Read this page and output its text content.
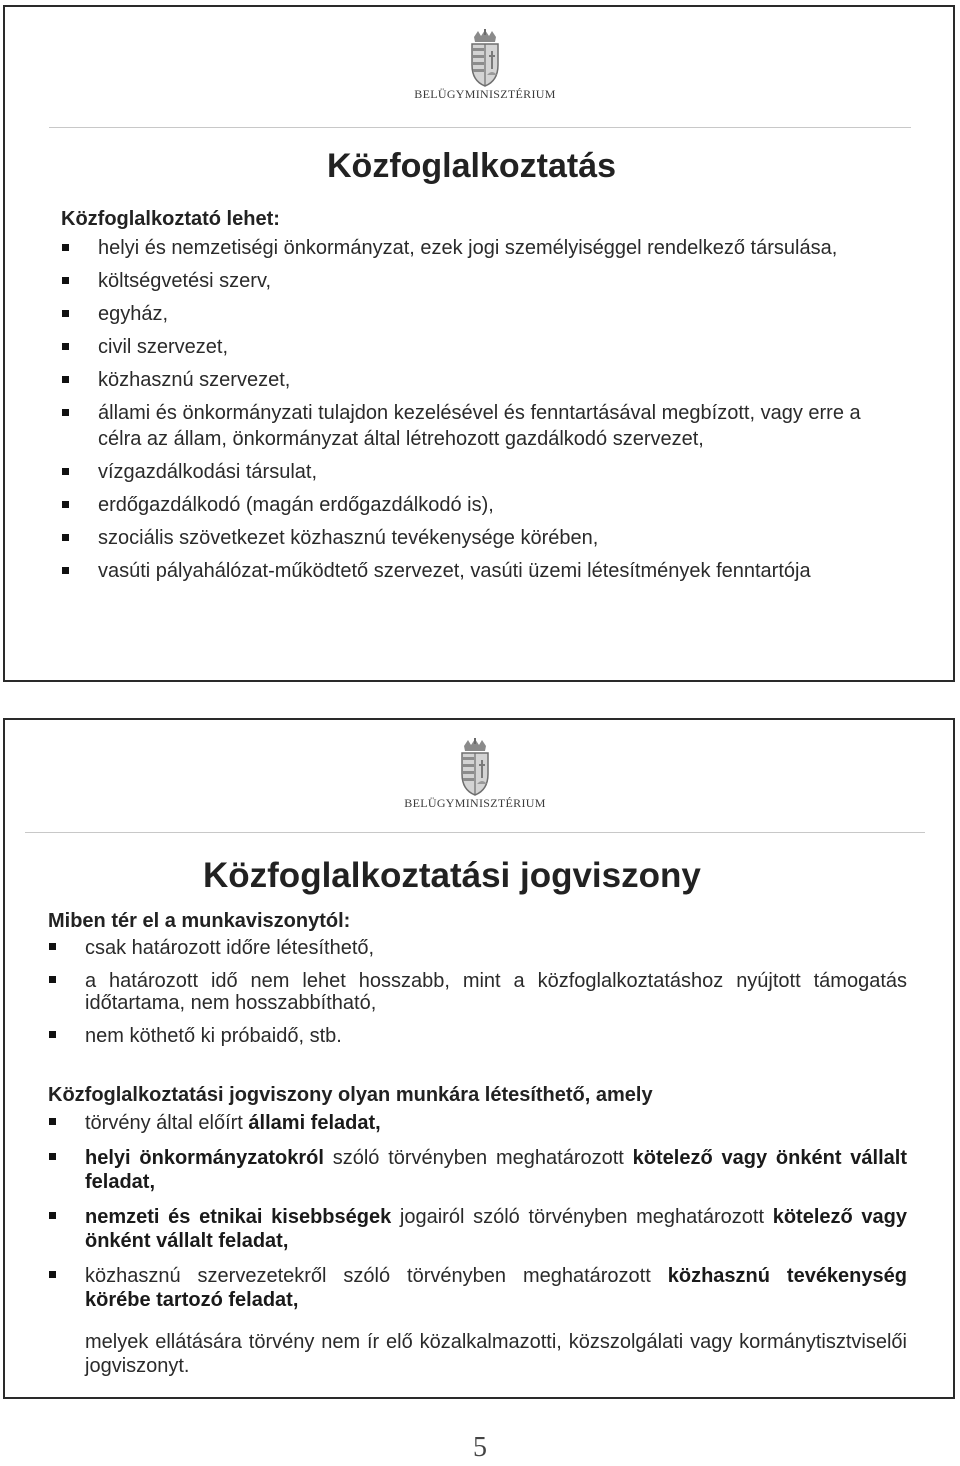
BELÜGYMINISZTÉRIUM
Közfoglalkoztatás
Közfoglalkoztató lehet:
helyi és nemzetiségi önkormányzat, ezek jogi személyiséggel rendelkező társulása,
költségvetési szerv,
egyház,
civil szervezet,
közhasznú szervezet,
állami és önkormányzati tulajdon kezelésével és fenntartásával megbízott, vagy erre a célra az állam, önkormányzat által létrehozott gazdálkodó szervezet,
vízgazdálkodási társulat,
erdőgazdálkodó (magán erdőgazdálkodó is),
szociális szövetkezet közhasznú tevékenysége körében,
vasúti pályahálózat-működtető szervezet, vasúti üzemi létesítmények fenntartója
BELÜGYMINISZTÉRIUM
Közfoglalkoztatási jogviszony
Miben tér el a munkaviszonytól:
csak határozott időre létesíthető,
a határozott idő nem lehet hosszabb, mint a közfoglalkoztatáshoz nyújtott támogatás időtartama, nem hosszabbítható,
nem köthető ki próbaidő, stb.
Közfoglalkoztatási jogviszony olyan munkára létesíthető, amely
törvény által előírt állami feladat,
helyi önkormányzatokról szóló törvényben meghatározott kötelező vagy önként vállalt feladat,
nemzeti és etnikai kisebbségek jogairól szóló törvényben meghatározott kötelező vagy önként vállalt feladat,
közhasznú szervezetekről szóló törvényben meghatározott közhasznú tevékenység körébe tartozó feladat,
melyek ellátására törvény nem ír elő közalkalmazotti, közszolgálati vagy kormánytisztviselői jogviszonyt.
5
